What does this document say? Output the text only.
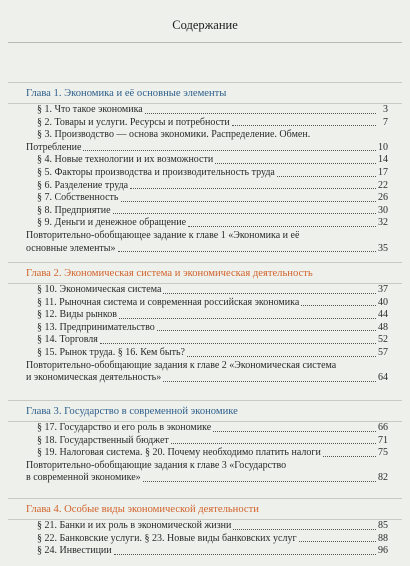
Содержание
Глава 1. Экономика и её основные элементы
§ 1. Что такое экономика	3
§ 2. Товары и услуги. Ресурсы и потребности	7
§ 3. Производство — основа экономики. Распределение. Обмен.
Потребление	10
§ 4. Новые технологии и их возможности	14
§ 5. Факторы производства и производительность труда	17
§ 6. Разделение труда	22
§ 7. Собственность	26
§ 8. Предприятие	30
§ 9. Деньги и денежное обращение	32
Повторительно-обобщающее задание к главе 1 «Экономика и её
основные элементы»	35
Глава 2. Экономическая система и экономическая деятельность
§ 10. Экономическая система	37
§ 11. Рыночная система и современная российская экономика	40
§ 12. Виды рынков	44
§ 13. Предпринимательство	48
§ 14. Торговля	52
§ 15. Рынок труда. § 16. Кем быть?	57
Повторительно-обобщающие задания к главе 2 «Экономическая система
и экономическая деятельность»	64
Глава 3. Государство в современной экономике
§ 17. Государство и его роль в экономике	66
§ 18. Государственный бюджет	71
§ 19. Налоговая система. § 20. Почему необходимо платить налоги	75
Повторительно-обобщающие задания к главе 3 «Государство
в современной экономике»	82
Глава 4. Особые виды экономической деятельности
§ 21. Банки и их роль в экономической жизни	85
§ 22. Банковские услуги. § 23. Новые виды банковских услуг	88
§ 24. Инвестиции	96
